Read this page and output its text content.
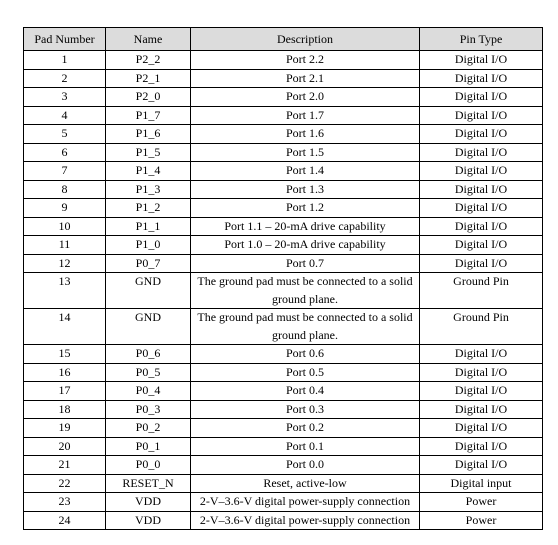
Pad Number	Name	Description	Pin Type
1	P2_2	Port 2.2	Digital I/O
2	P2_1	Port 2.1	Digital I/O
3	P2_0	Port 2.0	Digital I/O
4	P1_7	Port 1.7	Digital I/O
5	P1_6	Port 1.6	Digital I/O
6	P1_5	Port 1.5	Digital I/O
7	P1_4	Port 1.4	Digital I/O
8	P1_3	Port 1.3	Digital I/O
9	P1_2	Port 1.2	Digital I/O
10	P1_1	Port 1.1 – 20-mA drive capability	Digital I/O
11	P1_0	Port 1.0 – 20-mA drive capability	Digital I/O
12	P0_7	Port 0.7	Digital I/O
13	GND	The ground pad must be connected to a solid ground plane.	Ground Pin
14	GND	The ground pad must be connected to a solid ground plane.	Ground Pin
15	P0_6	Port 0.6	Digital I/O
16	P0_5	Port 0.5	Digital I/O
17	P0_4	Port 0.4	Digital I/O
18	P0_3	Port 0.3	Digital I/O
19	P0_2	Port 0.2	Digital I/O
20	P0_1	Port 0.1	Digital I/O
21	P0_0	Port 0.0	Digital I/O
22	RESET_N	Reset, active-low	Digital input
23	VDD	2-V–3.6-V digital power-supply connection	Power
24	VDD	2-V–3.6-V digital power-supply connection	Power
